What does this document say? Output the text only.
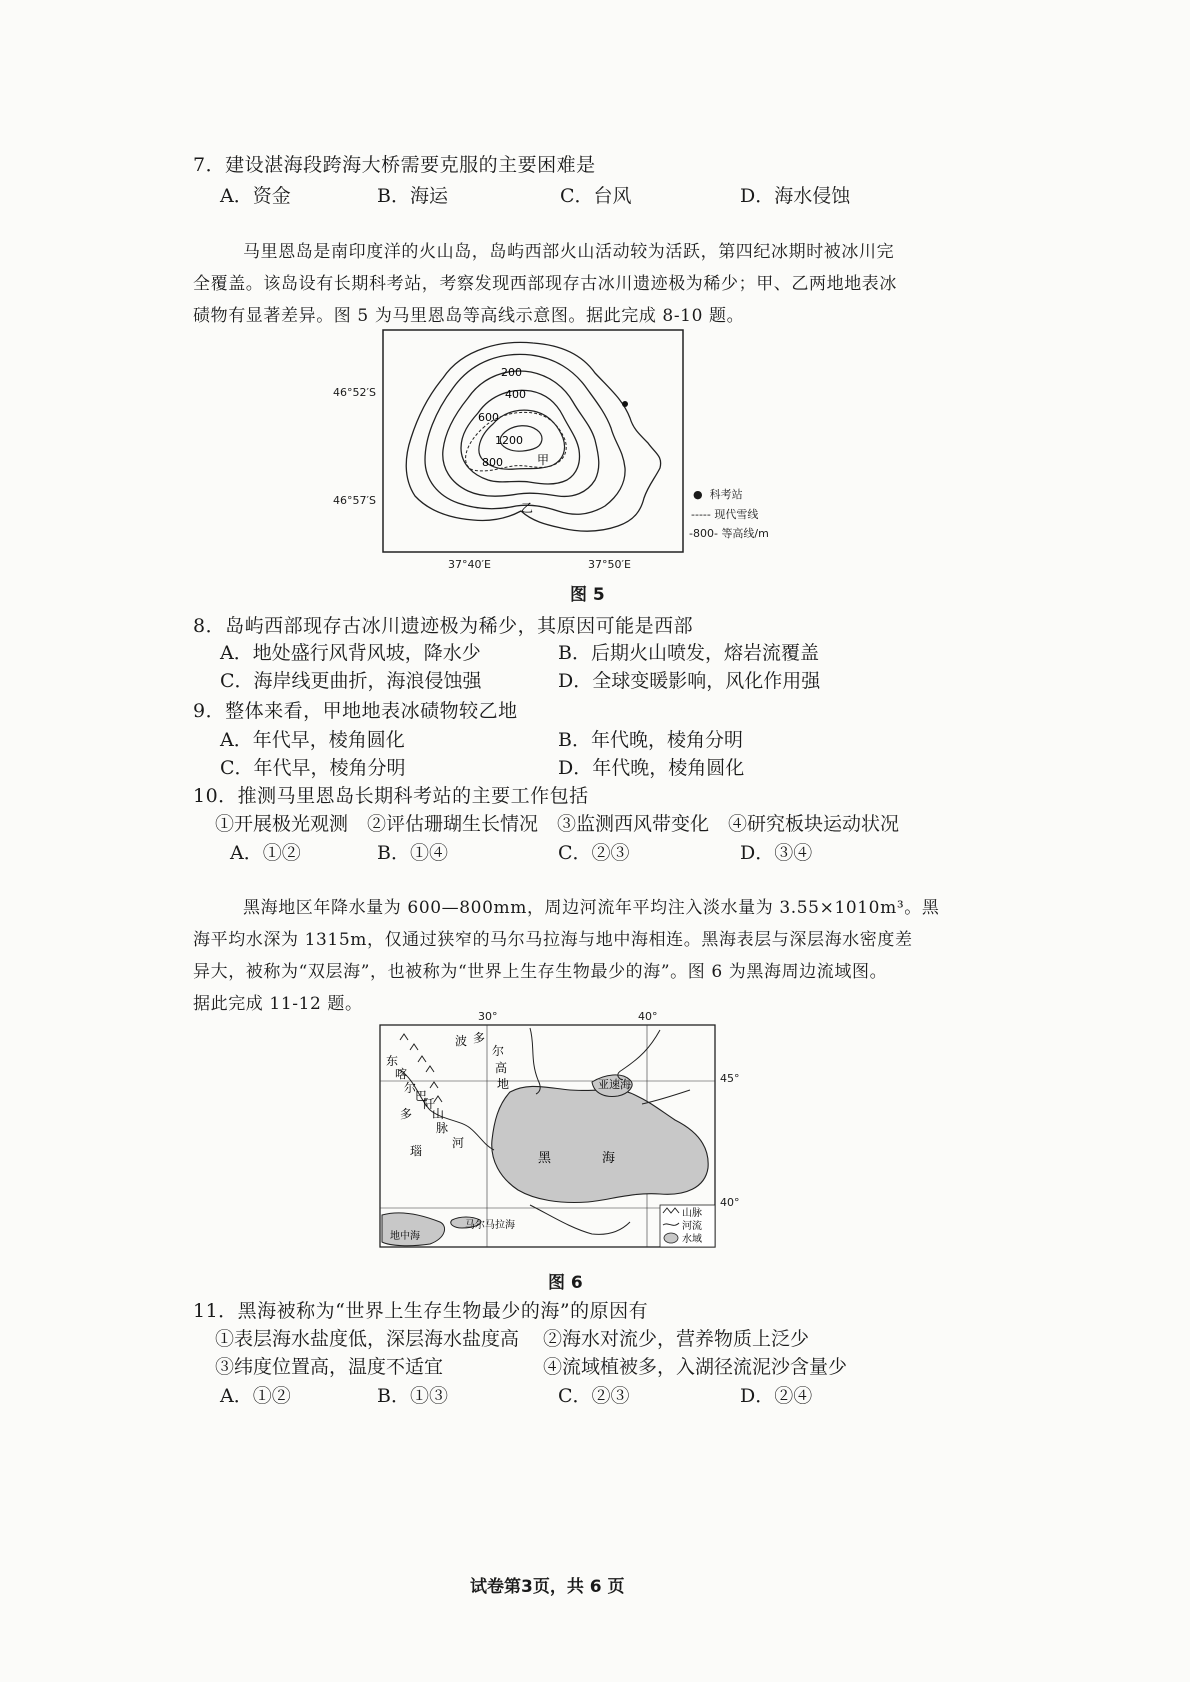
7．建设湛海段跨海大桥需要克服的主要困难是
A．资金	B．海运	C．台风	D．海水侵蚀
马里恩岛是南印度洋的火山岛，岛屿西部火山活动较为活跃，第四纪冰期时被冰川完
全覆盖。该岛设有长期科考站，考察发现西部现存古冰川遗迹极为稀少；甲、乙两地地表冰
碛物有显著差异。图 5 为马里恩岛等高线示意图。据此完成 8-10 题。
200
400
600
1200
800	甲
乙
46°52′S
46°57′S
37°40′E	37°50′E
● 科考站
----- 现代雪线
-800- 等高线/m
图 5
8．岛屿西部现存古冰川遗迹极为稀少，其原因可能是西部
A．地处盛行风背风坡，降水少	B．后期火山喷发，熔岩流覆盖
C．海岸线更曲折，海浪侵蚀强	D．全球变暖影响，风化作用强
9．整体来看，甲地地表冰碛物较乙地
A．年代早，棱角圆化	B．年代晚，棱角分明
C．年代早，棱角分明	D．年代晚，棱角圆化
10．推测马里恩岛长期科考站的主要工作包括
①开展极光观测　②评估珊瑚生长情况　③监测西风带变化　④研究板块运动状况
A．①②	B．①④	C．②③	D．③④
黑海地区年降水量为 600—800mm，周边河流年平均注入淡水量为 3.55×1010m³。黑
海平均水深为 1315m，仅通过狭窄的马尔马拉海与地中海相连。黑海表层与深层海水密度差
异大，被称为“双层海”，也被称为“世界上生存生物最少的海”。图 6 为黑海周边流域图。
据此完成 11-12 题。
波 多
尔
高
地
东
喀
尔
巴
阡
山
脉
多
瑙
河
黑	海
亚速海
马尔马拉海
地中海
山脉
河流
水域
30°	40°
45°
40°
图 6
11．黑海被称为“世界上生存生物最少的海”的原因有
①表层海水盐度低，深层海水盐度高 ②海水对流少，营养物质上泛少
③纬度位置高，温度不适宜	④流域植被多，入湖径流泥沙含量少
A．①②	B．①③	C．②③	D．②④
试卷第3页，共 6 页
